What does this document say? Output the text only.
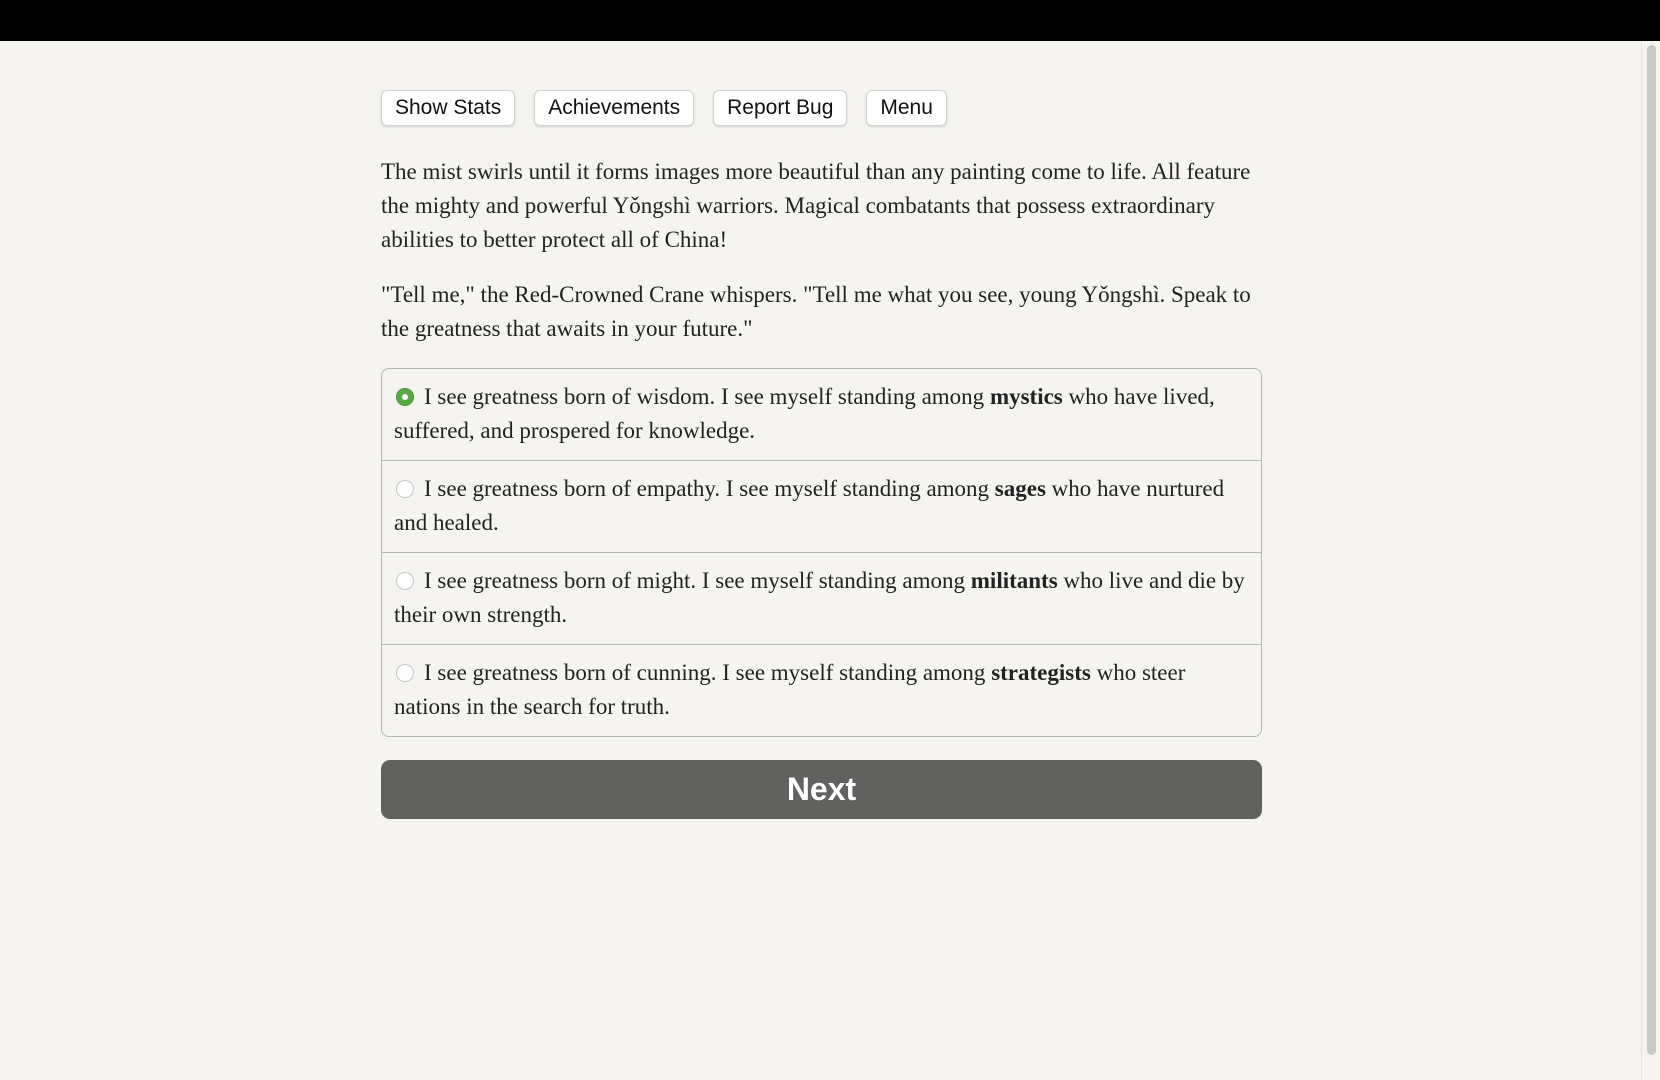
Show Stats	Achievements	Report Bug	Menu

The mist swirls until it forms images more beautiful than any painting come to life. All feature the mighty and powerful Yǒngshì warriors. Magical combatants that possess extraordinary abilities to better protect all of China!

"Tell me," the Red-Crowned Crane whispers. "Tell me what you see, young Yǒngshì. Speak to the greatness that awaits in your future."

I see greatness born of wisdom. I see myself standing among mystics who have lived, suffered, and prospered for knowledge.
I see greatness born of empathy. I see myself standing among sages who have nurtured and healed.
I see greatness born of might. I see myself standing among militants who live and die by their own strength.
I see greatness born of cunning. I see myself standing among strategists who steer nations in the search for truth.
Next
